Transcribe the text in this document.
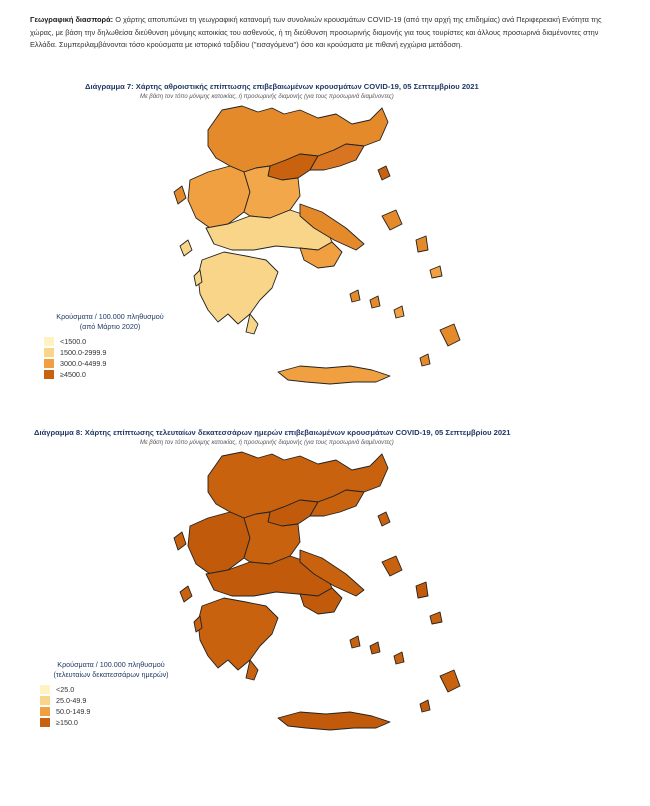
Γεωγραφική διασπορά: Ο χάρτης αποτυπώνει τη γεωγραφική κατανομή των συνολικών κρουσμάτων COVID-19 (από την αρχή της επιδημίας) ανά Περιφερειακή Ενότητα της χώρας, με βάση την δηλωθείσα διεύθυνση μόνιμης κατοικίας του ασθενούς, ή τη διεύθυνση προσωρινής διαμονής για τους τουρίστες και άλλους προσωρινά διαμένοντες στην Ελλάδα. Συμπεριλαμβάνονται τόσο κρούσματα με ιστορικό ταξιδίου ("εισαγόμενα") όσο και κρούσματα με πιθανή εγχώρια μετάδοση.
Διάγραμμα 7: Χάρτης αθροιστικής επίπτωσης επιβεβαιωμένων κρουσμάτων COVID-19, 05 Σεπτεμβρίου 2021
Με βάση τον τόπο μόνιμης κατοικίας, ή προσωρινής διαμονής (για τους προσωρινά διαμένοντες)
Κρούσματα / 100.000 πληθυσμού
(από Μάρτιο 2020)
<1500.0
1500.0-2999.9
3000.0-4499.9
≥4500.0
Διάγραμμα 8: Χάρτης επίπτωσης τελευταίων δεκατεσσάρων ημερών επιβεβαιωμένων κρουσμάτων COVID-19, 05 Σεπτεμβρίου 2021
Με βάση τον τόπο μόνιμης κατοικίας, ή προσωρινής διαμονής (για τους προσωρινά διαμένοντες)
Κρούσματα / 100.000 πληθυσμού
(τελευταίων δεκατεσσάρων ημερών)
<25.0
25.0-49.9
50.0-149.9
≥150.0
